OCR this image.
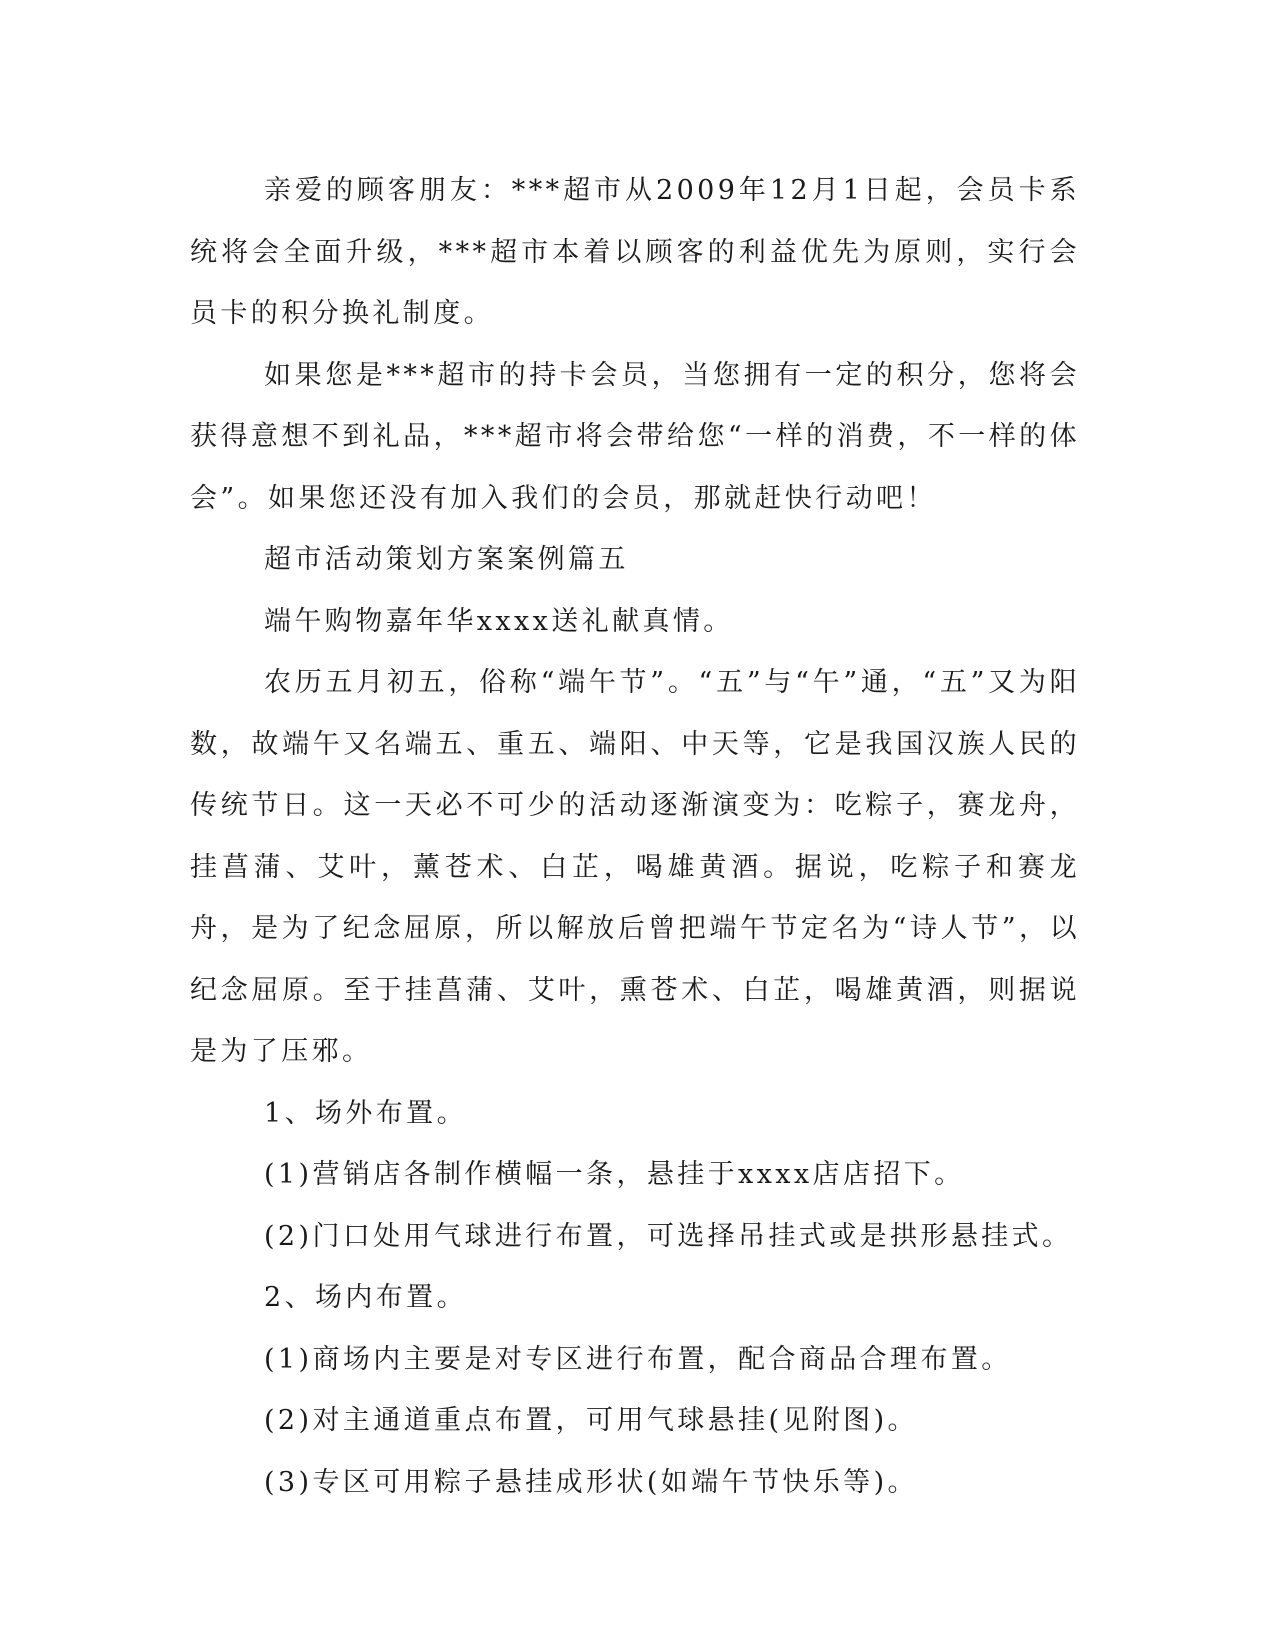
亲爱的顾客朋友：***超市从2009年12月1日起，会员卡系统将会全面升级，***超市本着以顾客的利益优先为原则，实行会员卡的积分换礼制度。

如果您是***超市的持卡会员，当您拥有一定的积分，您将会获得意想不到礼品，***超市将会带给您“一样的消费，不一样的体会”。如果您还没有加入我们的会员，那就赶快行动吧！

超市活动策划方案案例篇五

端午购物嘉年华xxxx送礼献真情。

农历五月初五，俗称“端午节”。“五”与“午”通，“五”又为阳数，故端午又名端五、重五、端阳、中天等，它是我国汉族人民的传统节日。这一天必不可少的活动逐渐演变为：吃粽子，赛龙舟，挂菖蒲、艾叶，薰苍术、白芷，喝雄黄酒。据说，吃粽子和赛龙舟，是为了纪念屈原，所以解放后曾把端午节定名为“诗人节”，以纪念屈原。至于挂菖蒲、艾叶，熏苍术、白芷，喝雄黄酒，则据说是为了压邪。

1、场外布置。

(1)营销店各制作横幅一条，悬挂于xxxx店店招下。

(2)门口处用气球进行布置，可选择吊挂式或是拱形悬挂式。

2、场内布置。

(1)商场内主要是对专区进行布置，配合商品合理布置。

(2)对主通道重点布置，可用气球悬挂(见附图)。

(3)专区可用粽子悬挂成形状(如端午节快乐等)。
